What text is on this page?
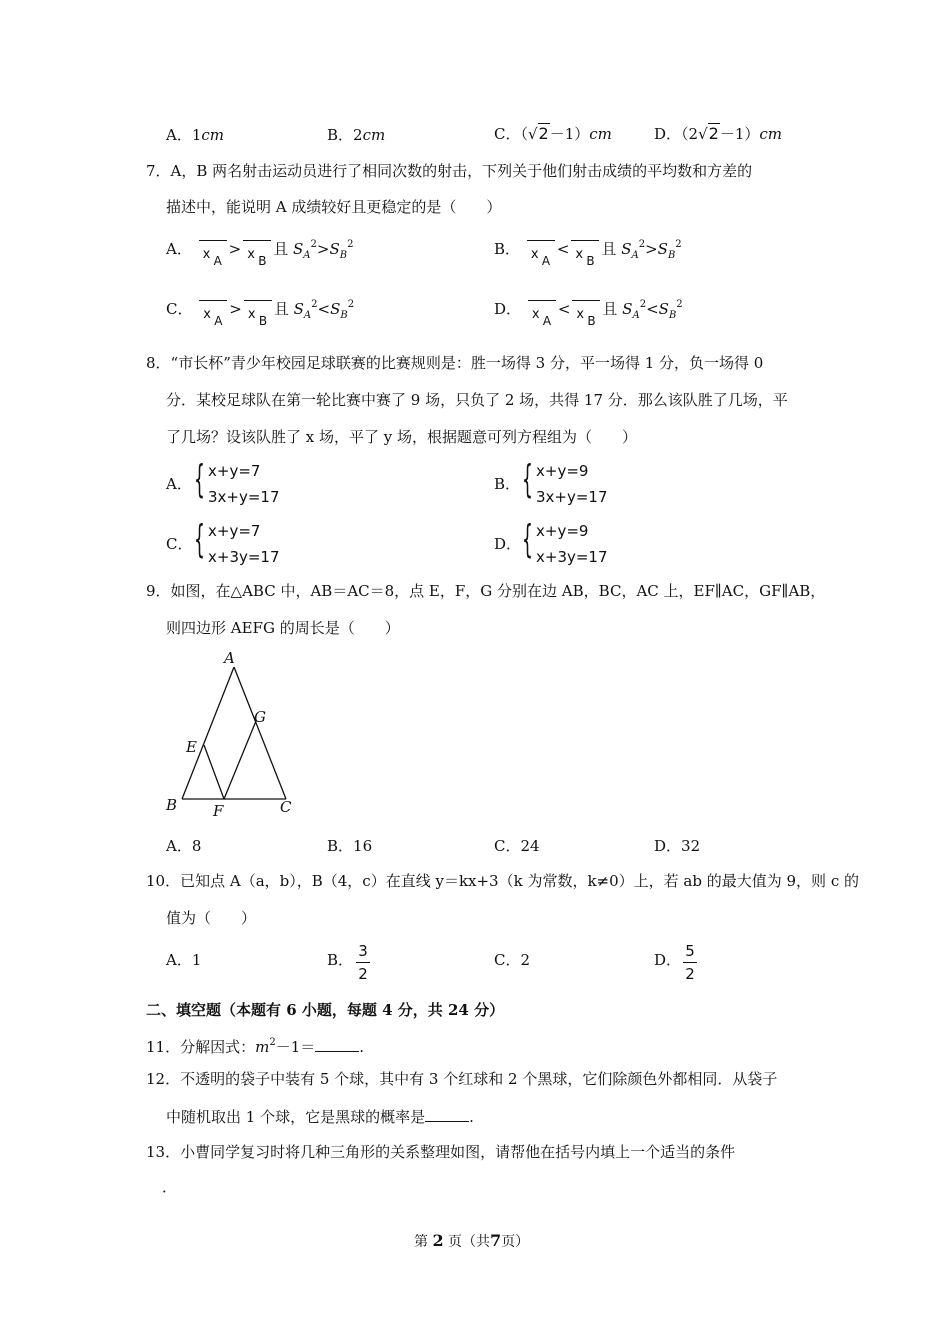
A．1cm	B．2cm	C．（√2－1）cm	D．（2√2－1）cm
7．A，B 两名射击运动员进行了相同次数的射击，下列关于他们射击成绩的平均数和方差的
描述中，能说明 A 成绩较好且更稳定的是（　　）
A． x A
> x B
且 $S_A^2>S_B^2$	B． x A
< x B
且 $S_A^2>S_B^2$
C． x A
> x B
且 $S_A^2<S_B^2$	D． x A
< x B
且 $S_A^2<S_B^2$
8．“市长杯”青少年校园足球联赛的比赛规则是：胜一场得 3 分，平一场得 1 分，负一场得 0
分．某校足球队在第一轮比赛中赛了 9 场，只负了 2 场，共得 17 分．那么该队胜了几场，平
了几场？设该队胜了 x 场，平了 y 场，根据题意可列方程组为（　　）
A． { x+y=7
3x+y=17
B． { x+y=9
3x+y=17
C． { x+y=7
x+3y=17
D． { x+y=9
x+3y=17
9．如图，在△ABC 中，AB＝AC＝8，点 E，F，G 分别在边 AB，BC，AC 上，EF∥AC，GF∥AB，
则四边形 AEFG 的周长是（　　）
A
B	C
E
F
G
A．8	B．16	C．24	D．32
10．已知点 A（a，b），B（4，c）在直线 y＝kx+3（k 为常数，k≠0）上，若 ab 的最大值为 9，则 c 的
值为（　　）
A．1	B． 3
2
C．2	D． 5
2
二、填空题（本题有 6 小题，每题 4 分，共 24 分）
11．分解因式：$m^2-1=$	.
12．不透明的袋子中装有 5 个球，其中有 3 个红球和 2 个黑球，它们除颜色外都相同．从袋子
中随机取出 1 个球，它是黑球的概率是	.
13．小曹同学复习时将几种三角形的关系整理如图，请帮他在括号内填上一个适当的条件
．
第 2 页（共7页）
